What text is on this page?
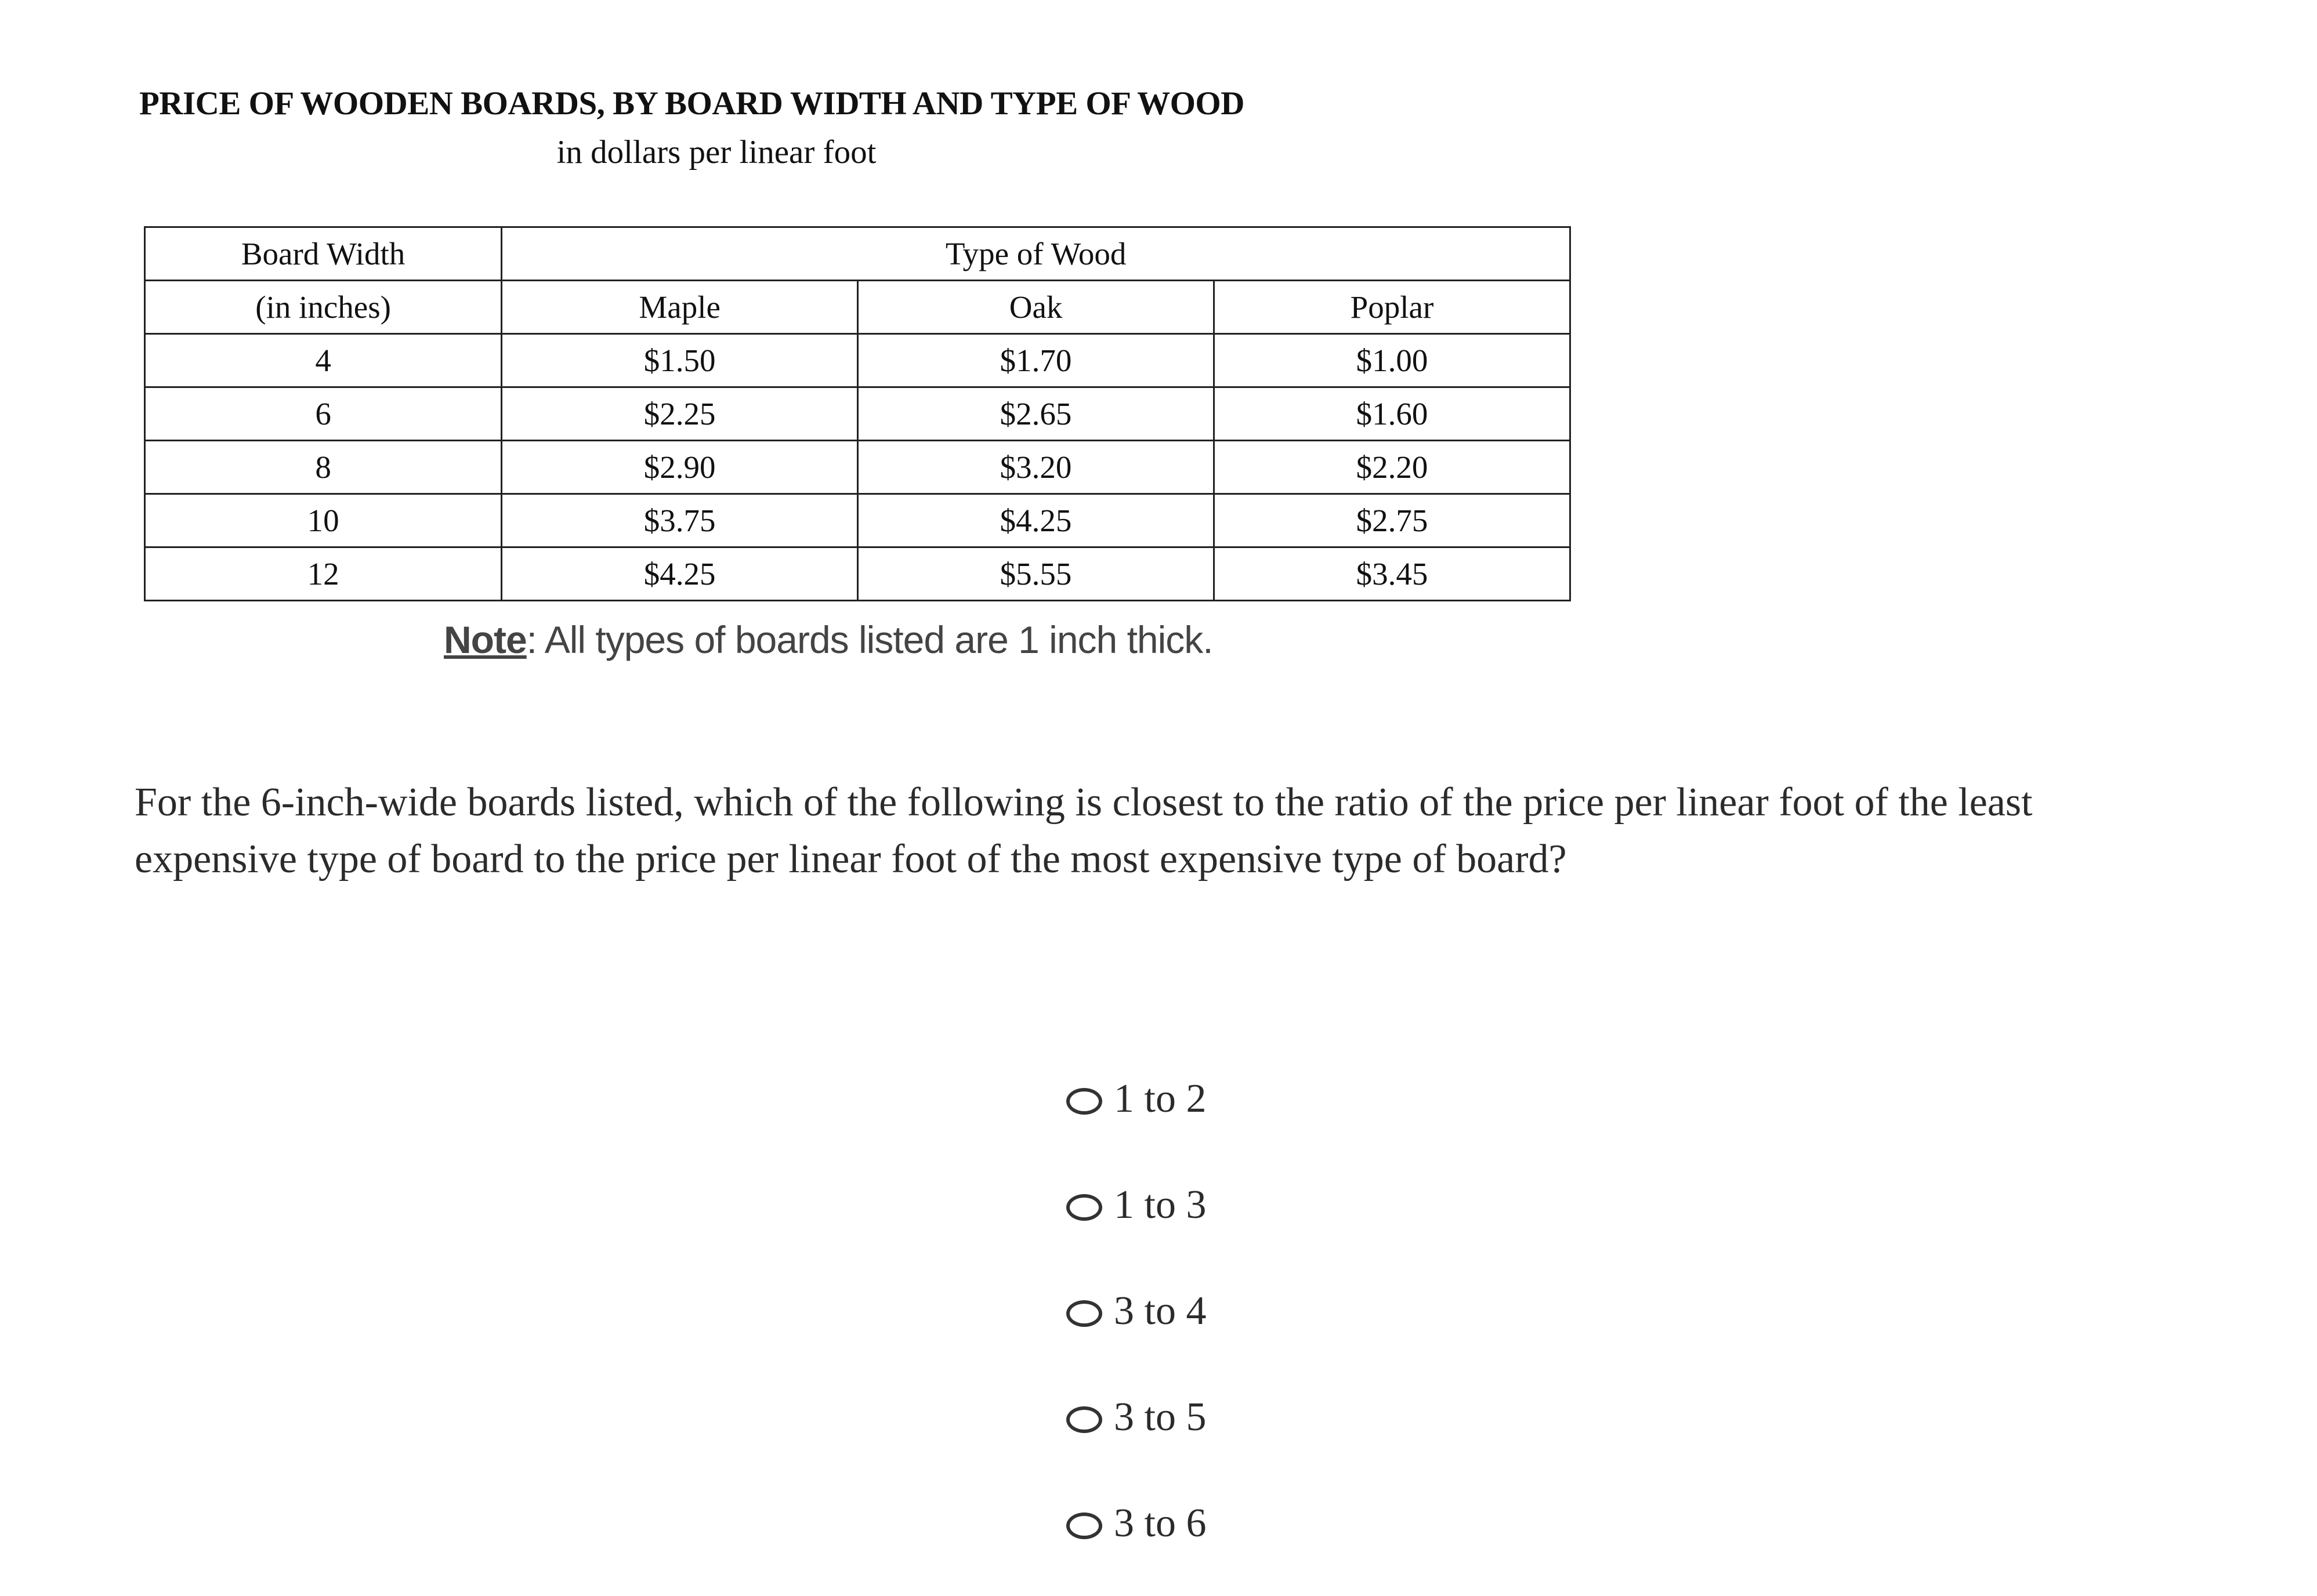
PRICE OF WOODEN BOARDS, BY BOARD WIDTH AND TYPE OF WOOD
in dollars per linear foot
Board Width	Type of Wood		
(in inches)	Maple	Oak	Poplar
4	$1.50	$1.70	$1.00
6	$2.25	$2.65	$1.60
8	$2.90	$3.20	$2.20
10	$3.75	$4.25	$2.75
12	$4.25	$5.55	$3.45
Note: All types of boards listed are 1 inch thick.
For the 6-inch-wide boards listed, which of the following is closest to the ratio of the price per linear foot of the least expensive type of board to the price per linear foot of the most expensive type of board?
1 to 2
1 to 3
3 to 4
3 to 5
3 to 6
